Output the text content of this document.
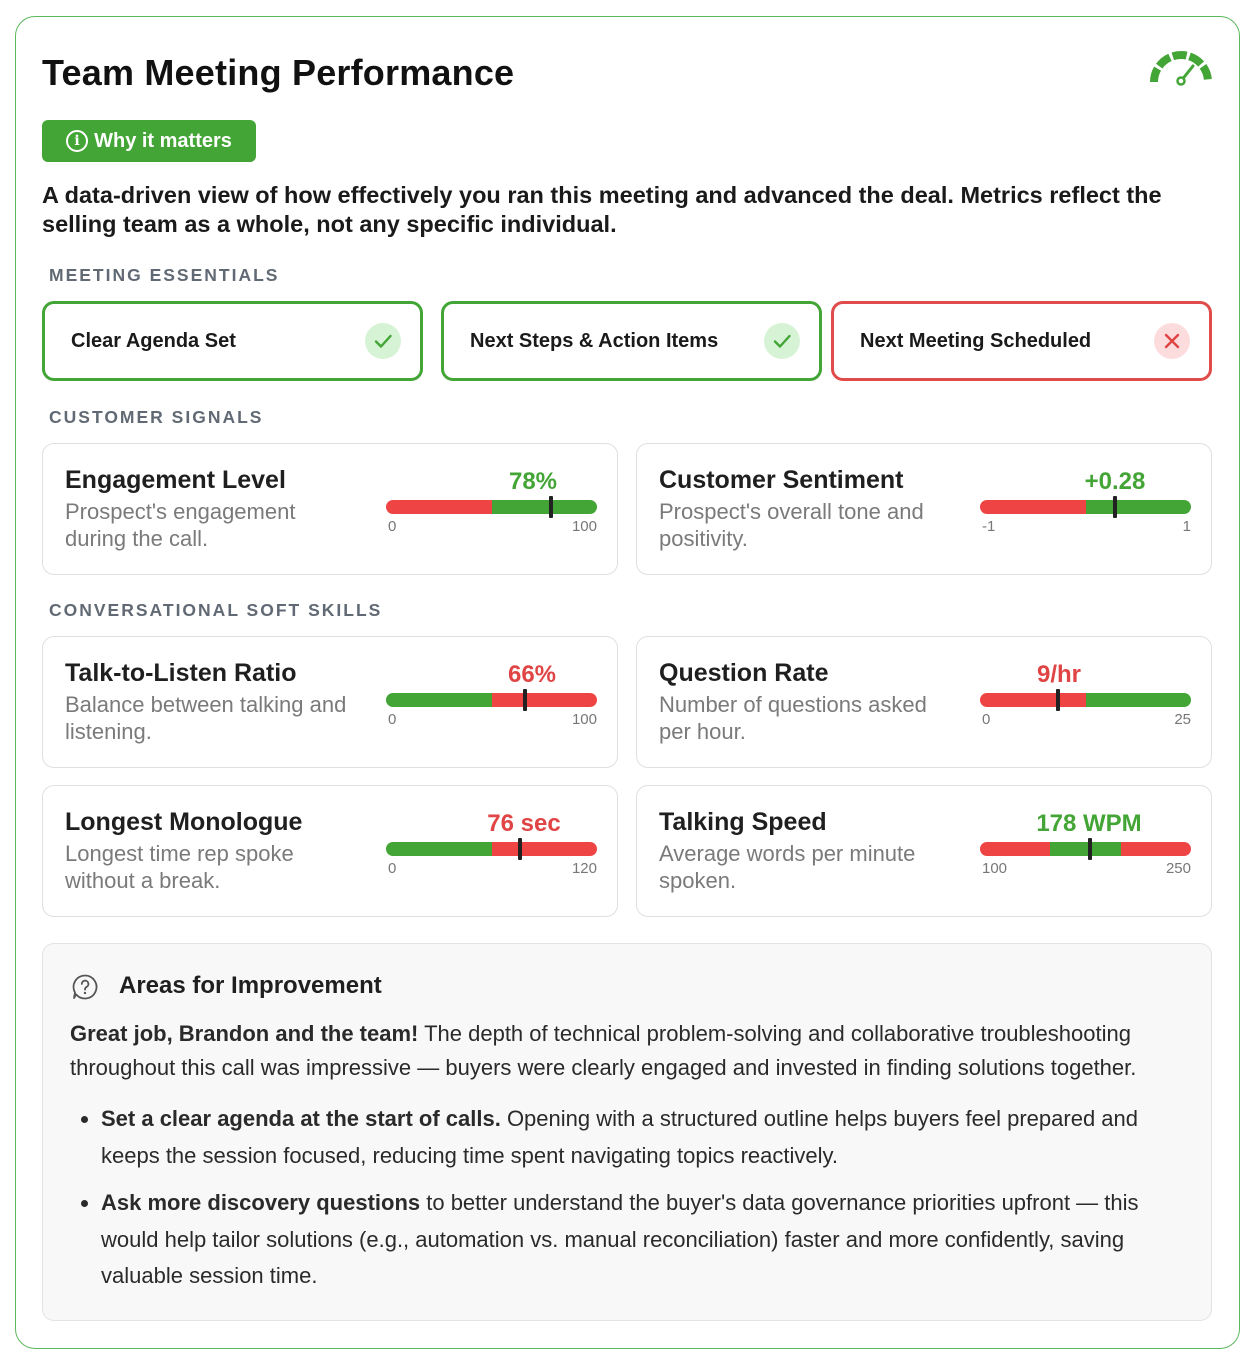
Team Meeting Performance
i Why it matters

A data-driven view of how effectively you ran this meeting and advanced the deal. Metrics reflect the selling team as a whole, not any specific individual.

MEETING ESSENTIALS
Clear Agenda Set	Next Steps & Action Items	Next Meeting Scheduled
CUSTOMER SIGNALS
Engagement Level
Prospect's engagement during the call.
78%
0	100
Customer Sentiment
Prospect's overall tone and positivity.
+0.28
-1	1
CONVERSATIONAL SOFT SKILLS
Talk-to-Listen Ratio
Balance between talking and listening.
66%
0	100
Question Rate
Number of questions asked per hour.
9/hr
0	25
Longest Monologue
Longest time rep spoke without a break.
76 sec
0	120
Talking Speed
Average words per minute spoken.
178 WPM
100	250
Areas for Improvement

Great job, Brandon and the team! The depth of technical problem-solving and collaborative troubleshooting throughout this call was impressive — buyers were clearly engaged and invested in finding solutions together.

• Set a clear agenda at the start of calls. Opening with a structured outline helps buyers feel prepared and keeps the session focused, reducing time spent navigating topics reactively.
• Ask more discovery questions to better understand the buyer's data governance priorities upfront — this would help tailor solutions (e.g., automation vs. manual reconciliation) faster and more confidently, saving valuable session time.
